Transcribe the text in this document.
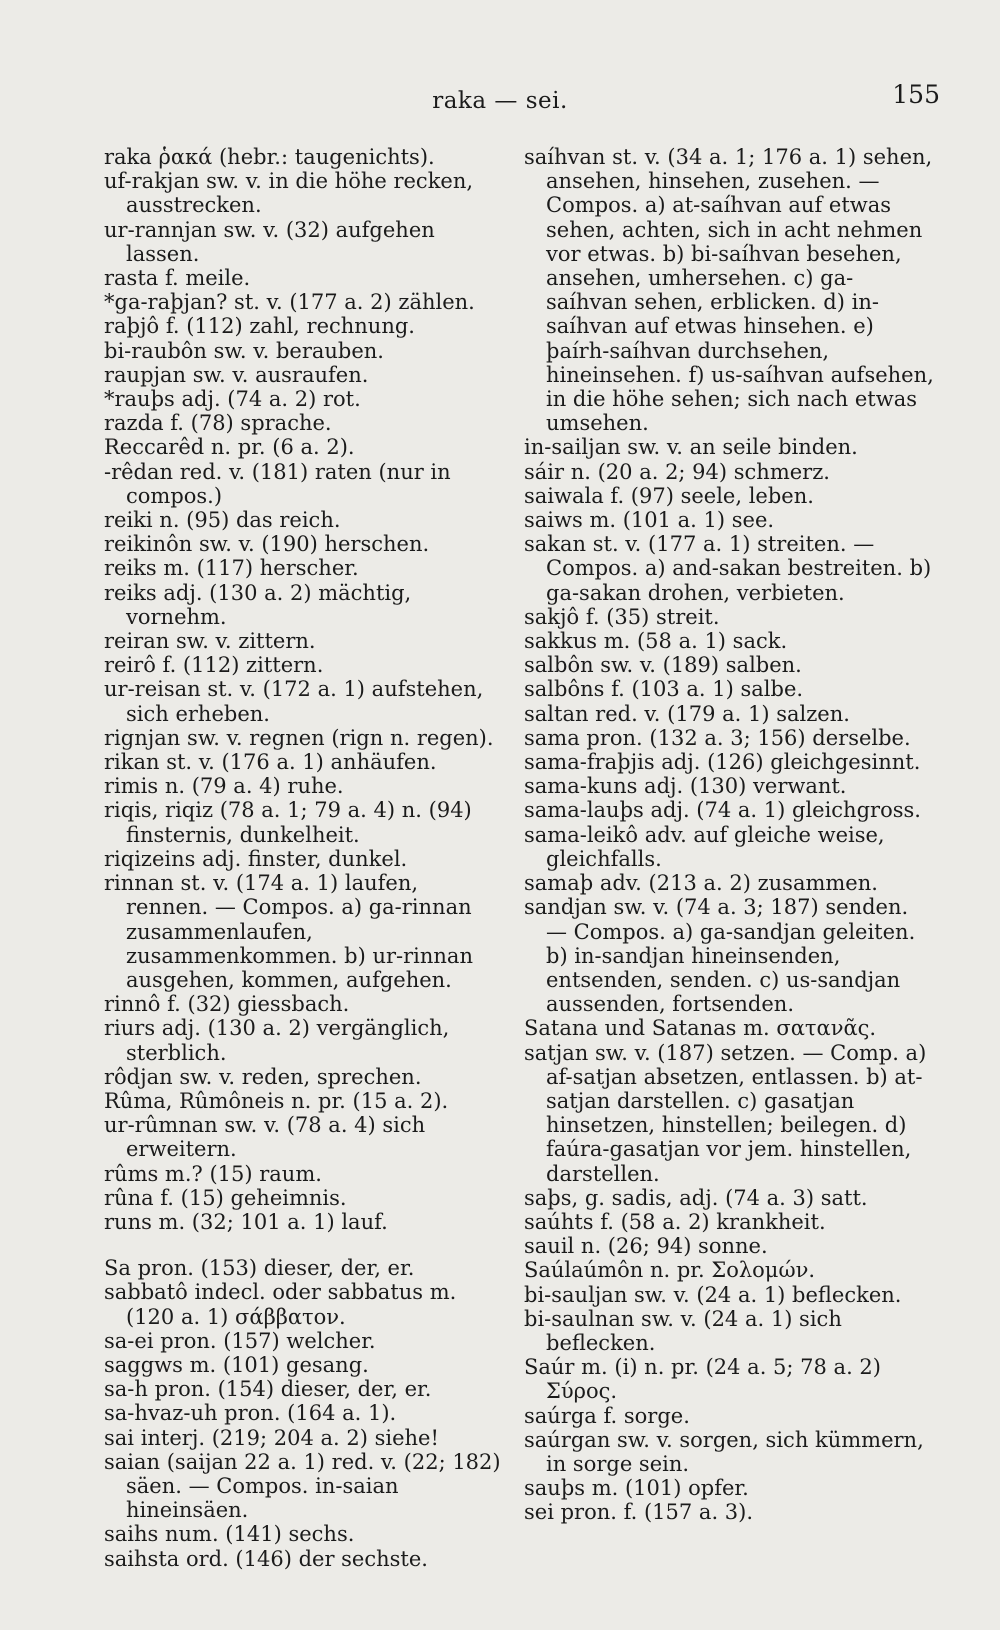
raka — sei.	155
raka ῥακά (hebr.: taugenichts).
uf-rakjan sw. v. in die höhe recken, ausstrecken.
ur-rannjan sw. v. (32) aufgehen lassen.
rasta f. meile.
*ga-raþjan? st. v. (177 a. 2) zählen.
raþjô f. (112) zahl, rechnung.
bi-raubôn sw. v. berauben.
raupjan sw. v. ausraufen.
*rauþs adj. (74 a. 2) rot.
razda f. (78) sprache.
Reccarêd n. pr. (6 a. 2).
-rêdan red. v. (181) raten (nur in compos.)
reiki n. (95) das reich.
reikinôn sw. v. (190) herschen.
reiks m. (117) herscher.
reiks adj. (130 a. 2) mächtig, vornehm.
reiran sw. v. zittern.
reirô f. (112) zittern.
ur-reisan st. v. (172 a. 1) aufstehen, sich erheben.
rignjan sw. v. regnen (rign n. regen).
rikan st. v. (176 a. 1) anhäufen.
rimis n. (79 a. 4) ruhe.
riqis, riqiz (78 a. 1; 79 a. 4) n. (94) finsternis, dunkelheit.
riqizeins adj. finster, dunkel.
rinnan st. v. (174 a. 1) laufen, rennen. — Compos. a) ga-rinnan zusammenlaufen, zusammenkommen. b) ur-rinnan ausgehen, kommen, aufgehen.
rinnô f. (32) giessbach.
riurs adj. (130 a. 2) vergänglich, sterblich.
rôdjan sw. v. reden, sprechen.
Rûma, Rûmôneis n. pr. (15 a. 2).
ur-rûmnan sw. v. (78 a. 4) sich erweitern.
rûms m.? (15) raum.
rûna f. (15) geheimnis.
runs m. (32; 101 a. 1) lauf.
Sa pron. (153) dieser, der, er.
sabbatô indecl. oder sabbatus m. (120 a. 1) σάββατον.
sa-ei pron. (157) welcher.
saggws m. (101) gesang.
sa-h pron. (154) dieser, der, er.
sa-hvaz-uh pron. (164 a. 1).
sai interj. (219; 204 a. 2) siehe!
saian (saijan 22 a. 1) red. v. (22; 182) säen. — Compos. in-saian hineinsäen.
saihs num. (141) sechs.
saihsta ord. (146) der sechste.
saíhvan st. v. (34 a. 1; 176 a. 1) sehen, ansehen, hinsehen, zusehen. — Compos. a) at-saíhvan auf etwas sehen, achten, sich in acht nehmen vor etwas. b) bi-saíhvan besehen, ansehen, umhersehen. c) ga-saíhvan sehen, erblicken. d) in-saíhvan auf etwas hinsehen. e) þaírh-saíhvan durchsehen, hineinsehen. f) us-saíhvan aufsehen, in die höhe sehen; sich nach etwas umsehen.
in-sailjan sw. v. an seile binden.
sáir n. (20 a. 2; 94) schmerz.
saiwala f. (97) seele, leben.
saiws m. (101 a. 1) see.
sakan st. v. (177 a. 1) streiten. — Compos. a) and-sakan bestreiten. b) ga-sakan drohen, verbieten.
sakjô f. (35) streit.
sakkus m. (58 a. 1) sack.
salbôn sw. v. (189) salben.
salbôns f. (103 a. 1) salbe.
saltan red. v. (179 a. 1) salzen.
sama pron. (132 a. 3; 156) derselbe.
sama-fraþjis adj. (126) gleichgesinnt.
sama-kuns adj. (130) verwant.
sama-lauþs adj. (74 a. 1) gleichgross.
sama-leikô adv. auf gleiche weise, gleichfalls.
samaþ adv. (213 a. 2) zusammen.
sandjan sw. v. (74 a. 3; 187) senden. — Compos. a) ga-sandjan geleiten. b) in-sandjan hineinsenden, entsenden, senden. c) us-sandjan aussenden, fortsenden.
Satana und Satanas m. σατανᾶς.
satjan sw. v. (187) setzen. — Comp. a) af-satjan absetzen, entlassen. b) at-satjan darstellen. c) gasatjan hinsetzen, hinstellen; beilegen. d) faúra-gasatjan vor jem. hinstellen, darstellen.
saþs, g. sadis, adj. (74 a. 3) satt.
saúhts f. (58 a. 2) krankheit.
sauil n. (26; 94) sonne.
Saúlaúmôn n. pr. Σολομών.
bi-sauljan sw. v. (24 a. 1) beflecken.
bi-saulnan sw. v. (24 a. 1) sich beflecken.
Saúr m. (i) n. pr. (24 a. 5; 78 a. 2) Σύρος.
saúrga f. sorge.
saúrgan sw. v. sorgen, sich kümmern, in sorge sein.
sauþs m. (101) opfer.
sei pron. f. (157 a. 3).
